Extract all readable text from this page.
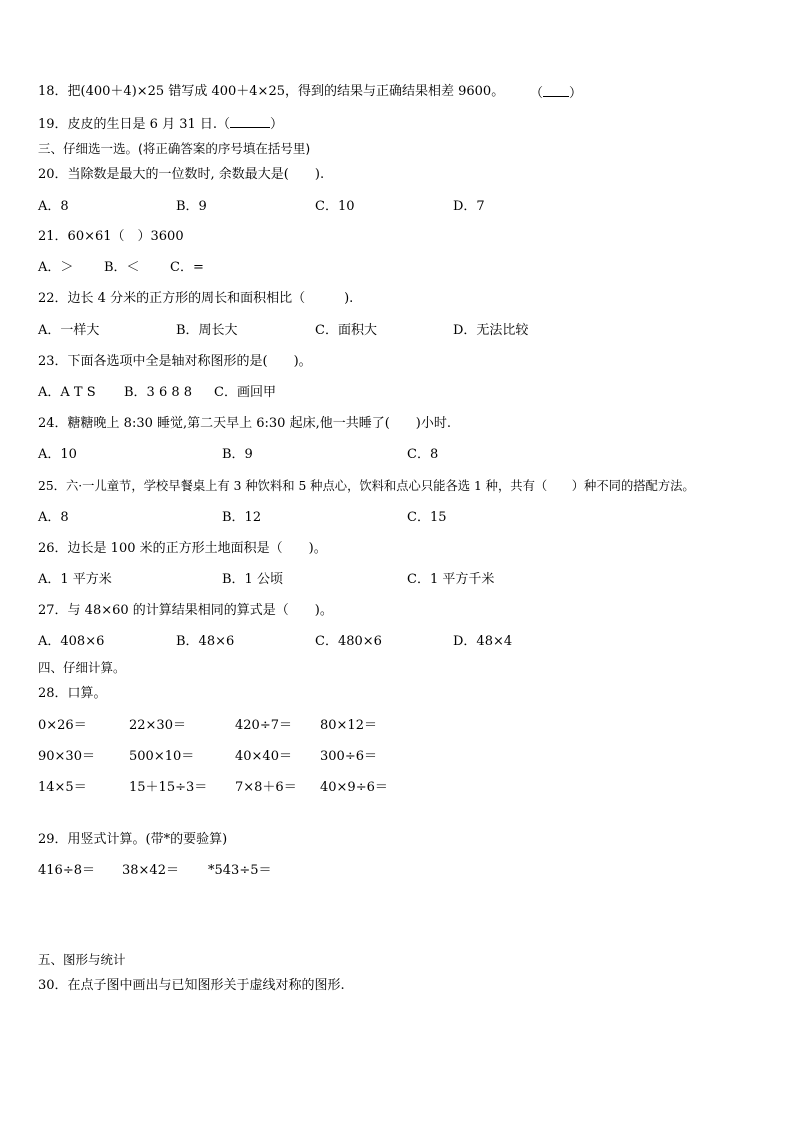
18．把(400＋4)×25 错写成 400＋4×25，得到的结果与正确结果相差 9600。 （ ）
19．皮皮的生日是 6 月 31 日.（	）
三、仔细选一选。(将正确答案的序号填在括号里)
20．当除数是最大的一位数时, 余数最大是(　　).
A．8	B．9	C．10	D．7
21．60×61（　）3600
A．＞ B．＜ C．=
22．边长 4 分米的正方形的周长和面积相比（　　　).
A．一样大	B．周长大	C．面积大	D．无法比较
23．下面各选项中全是轴对称图形的是(　　)。
A．A T S B．3 6 8 8 C．画回甲
24．糖糖晚上 8:30 睡觉,第二天早上 6:30 起床,他一共睡了(　　)小时.
A．10	B．9	C．8
25．六·一儿童节，学校早餐桌上有 3 种饮料和 5 种点心，饮料和点心只能各选 1 种，共有（　　）种不同的搭配方法。
A．8	B．12	C．15
26．边长是 100 米的正方形土地面积是（　　)。
A．1 平方米	B．1 公顷	C．1 平方千米
27．与 48×60 的计算结果相同的算式是（　　)。
A．408×6	B．48×6	C．480×6	D．48×4
四、仔细计算。
28．口算。
0×26＝	22×30＝	420÷7＝ 80×12＝
90×30＝	500×10＝	40×40＝ 300÷6＝
14×5＝	15＋15÷3＝ 7×8＋6＝ 40×9÷6＝
29．用竖式计算。(带*的要验算)
416÷8＝ 38×42＝ *543÷5＝
五、图形与统计
30．在点子图中画出与已知图形关于虚线对称的图形.
